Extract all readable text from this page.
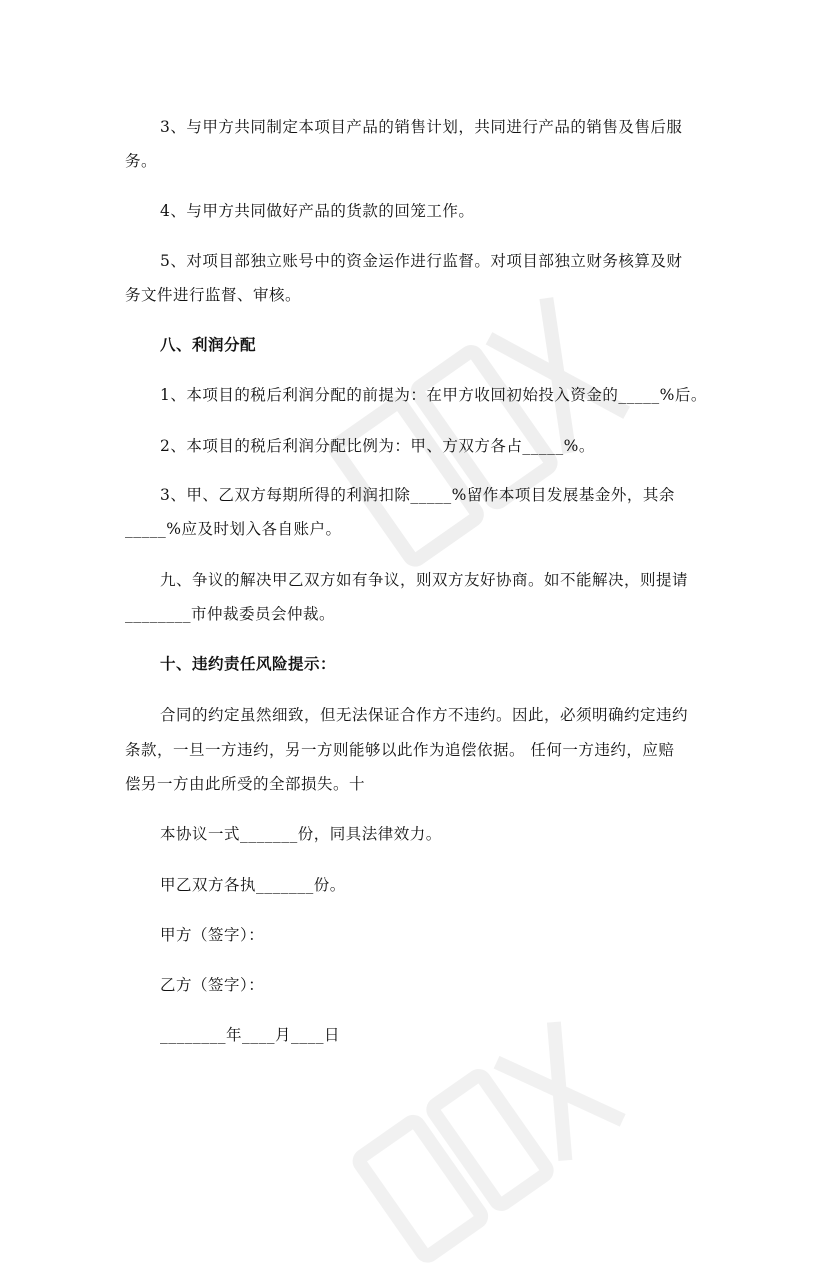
3、与甲方共同制定本项目产品的销售计划，共同进行产品的销售及售后服
务。
4、与甲方共同做好产品的货款的回笼工作。
5、对项目部独立账号中的资金运作进行监督。对项目部独立财务核算及财
务文件进行监督、审核。
八、利润分配
1、本项目的税后利润分配的前提为：在甲方收回初始投入资金的_____%后。
2、本项目的税后利润分配比例为：甲、方双方各占_____%。
3、甲、乙双方每期所得的利润扣除_____%留作本项目发展基金外，其余
_____%应及时划入各自账户。
九、争议的解决甲乙双方如有争议，则双方友好协商。如不能解决，则提请
________市仲裁委员会仲裁。
十、违约责任风险提示：
合同的约定虽然细致，但无法保证合作方不违约。因此，必须明确约定违约
条款，一旦一方违约，另一方则能够以此作为追偿依据。 任何一方违约，应赔
偿另一方由此所受的全部损失。十
本协议一式_______份，同具法律效力。
甲乙双方各执_______份。
甲方（签字）：
乙方（签字）：
________年____月____日
